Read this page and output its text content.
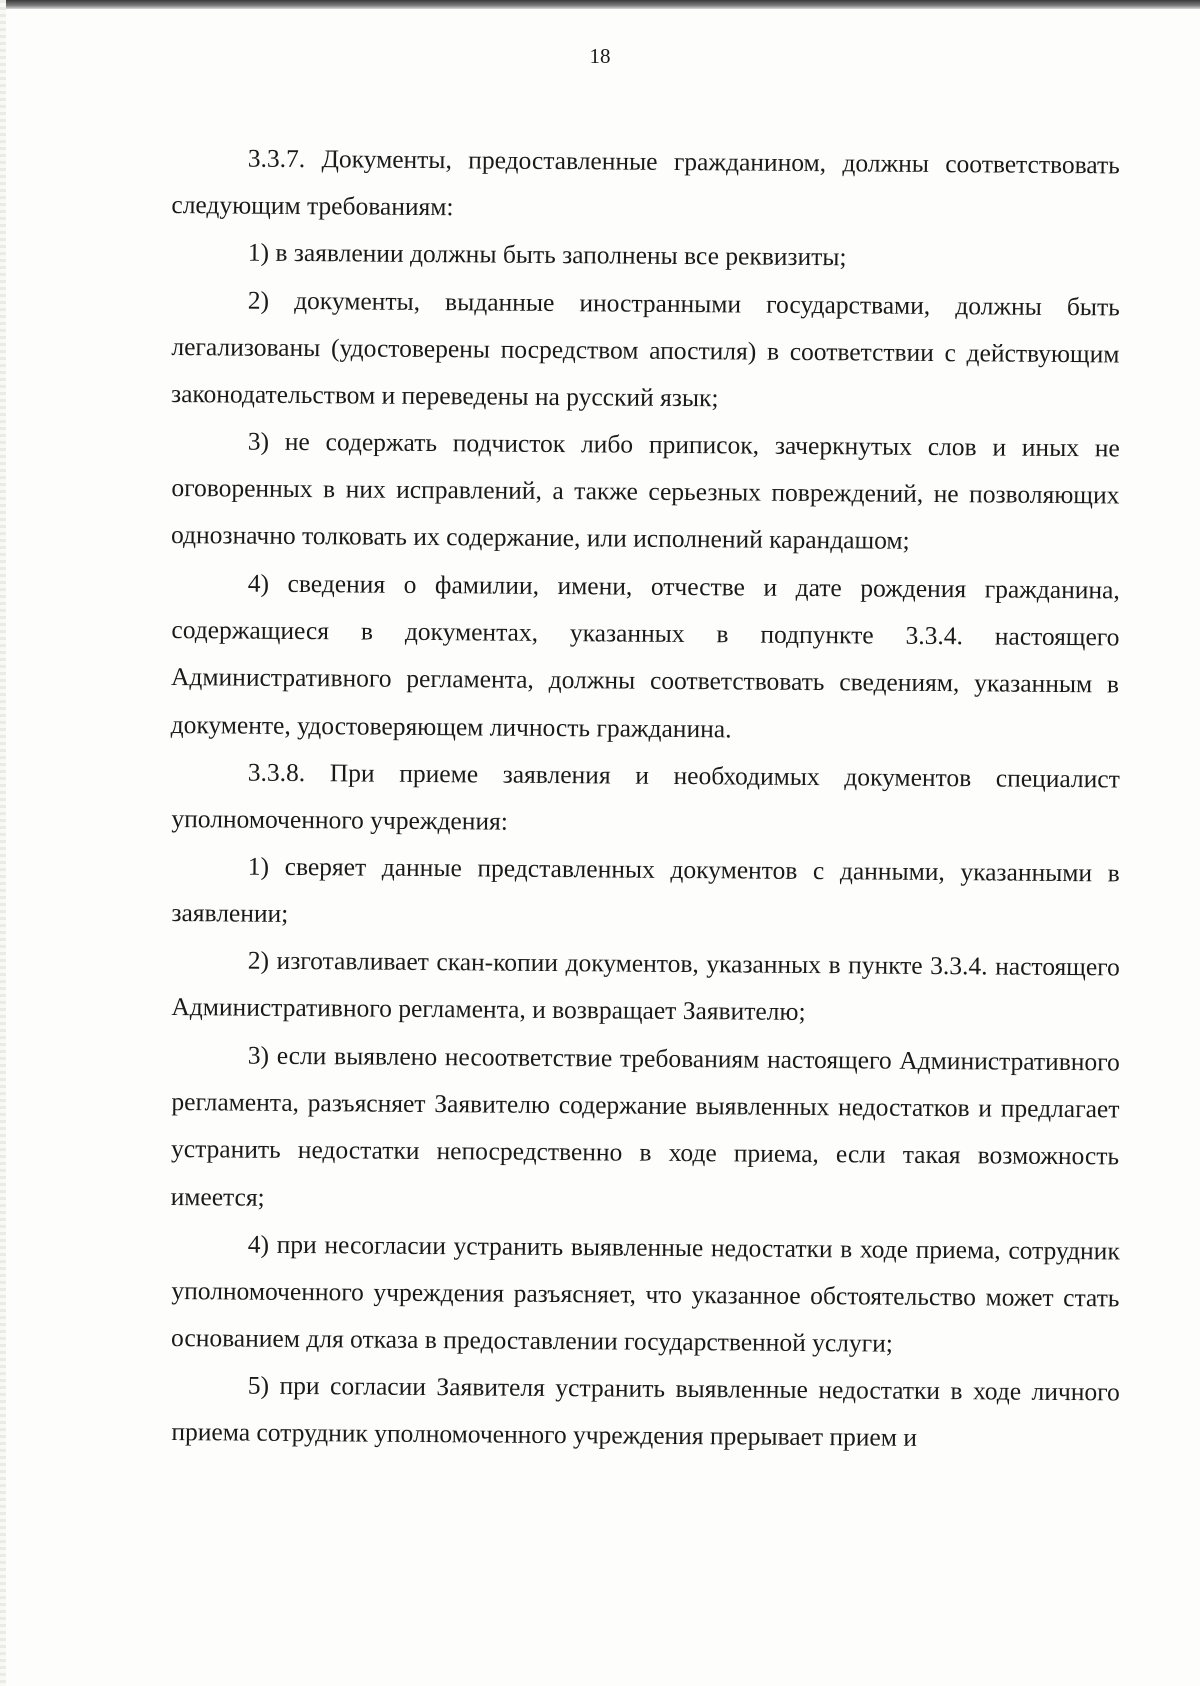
18

3.3.7. Документы, предоставленные гражданином, должны соответствовать следующим требованиям:

1) в заявлении должны быть заполнены все реквизиты;

2) документы, выданные иностранными государствами, должны быть легализованы (удостоверены посредством апостиля) в соответствии с действующим законодательством и переведены на русский язык;

3) не содержать подчисток либо приписок, зачеркнутых слов и иных не оговоренных в них исправлений, а также серьезных повреждений, не позволяющих однозначно толковать их содержание, или исполнений карандашом;

4) сведения о фамилии, имени, отчестве и дате рождения гражданина, содержащиеся в документах, указанных в подпункте 3.3.4. настоящего Административного регламента, должны соответствовать сведениям, указанным в документе, удостоверяющем личность гражданина.

3.3.8. При приеме заявления и необходимых документов специалист уполномоченного учреждения:

1) сверяет данные представленных документов с данными, указанными в заявлении;

2) изготавливает скан-копии документов, указанных в пункте 3.3.4. настоящего Административного регламента, и возвращает Заявителю;

3) если выявлено несоответствие требованиям настоящего Административного регламента, разъясняет Заявителю содержание выявленных недостатков и предлагает устранить недостатки непосредственно в ходе приема, если такая возможность имеется;

4) при несогласии устранить выявленные недостатки в ходе приема, сотрудник уполномоченного учреждения разъясняет, что указанное обстоятельство может стать основанием для отказа в предоставлении государственной услуги;

5) при согласии Заявителя устранить выявленные недостатки в ходе личного приема сотрудник уполномоченного учреждения прерывает прием и
